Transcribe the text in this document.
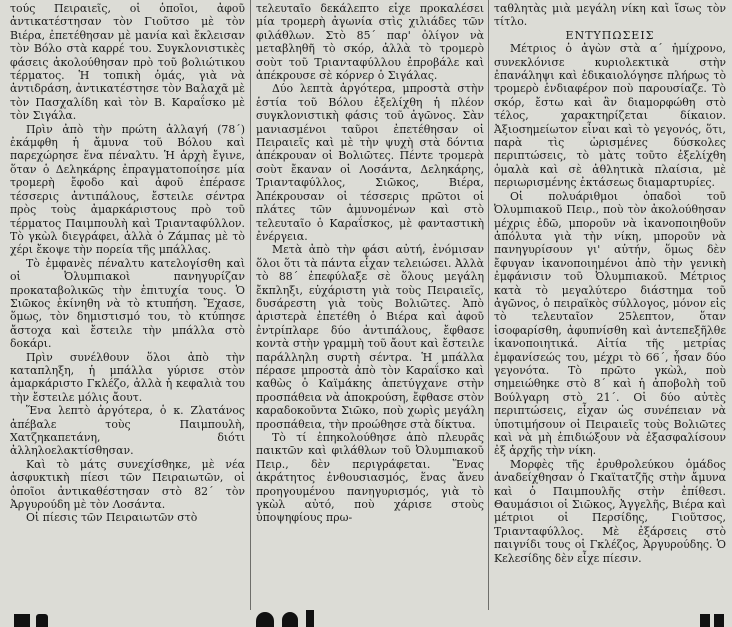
τούς Πειραιεῖς, οἱ ὁποῖοι, ἀφοῦ ἀντικατέστησαν τὸν Γιοῦτσο μὲ τὸν Βιέρα, ἐπετέθησαν μὲ μανία καὶ ἔκλεισαν τὸν Βόλο στὰ καρρέ του. Συγκλονιστικὲς φάσεις ἀκολούθησαν πρὸ τοῦ βολιώτικου τέρματος. Ἡ τοπικὴ ὁμάς, γιὰ νὰ ἀντιδράση, ἀντικατέστησε τὸν Βαλαχᾶ μὲ τὸν Πασχαλίδη καὶ τὸν Β. Καραΐσκο μὲ τὸν Σιγάλα.

Πρὶν ἀπὸ τὴν πρώτη ἀλλαγή (78΄) ἐκάμφθη ἡ ἄμυνα τοῦ Βόλου καὶ παρεχώρησε ἕνα πέναλτυ. Ἡ ἀρχὴ ἔγινε, ὅταν ὁ Δεληκάρης ἐπραγματοποίησε μία τρομερὴ ἔφοδο καὶ ἀφοῦ ἐπέρασε τέσσερις ἀντιπάλους, ἔστειλε σέντρα πρὸς τοὺς ἀμαρκάριστους πρὸ τοῦ τέρματος Παιμπουλὴ καὶ Τριανταφύλλον. Τὸ γκὼλ διεγράφει, ἀλλὰ ὁ Ζάμπας μὲ τὸ χέρι ἔκοψε τὴν πορεία τῆς μπάλλας.

Τὸ ἐμφανὲς πέναλτυ κατελογίσθη καὶ οἱ Ὀλυμπιακοὶ πανηγυρίζαν προκαταβολικῶς τὴν ἐπιτυχία τους. Ὁ Σιῶκος ἐκίνηθη νὰ τὸ κτυπήση. Ἔχασε, ὅμως, τὸν δημιστισμό του, τὸ κτύπησε ἄστοχα καὶ ἔστειλε τὴν μπάλλα στὸ δοκάρι.

Πρὶν συνέλθουν ὅλοι ἀπὸ τὴν καταπληξη, ἡ μπάλλα γύρισε στὸν ἀμαρκάριστο Γκλέζο, ἀλλὰ ἡ κεφαλιὰ του τὴν ἔστειλε μόλις ἄουτ.

Ἕνα λεπτὸ ἀργότερα, ὁ κ. Ζλατάνος ἀπέβαλε τοὺς Παιμπουλὴ, Χατζηκαπετάνη, διότι ἀλληλοελακτίσθησαν.

Καὶ τὸ μάτς συνεχίσθηκε, μὲ νέα ἀσφυκτικὴ πίεσι τῶν Πειραιωτῶν, οἱ ὁποῖοι ἀντικαθέστησαν στὸ 82΄ τὸν Ἀργυρούδη μὲ τὸν Λοσάντα.

Οἱ πίεσις τῶν Πειραιωτῶν στὸ

τελευταῖο δεκάλεπτο εἶχε προκαλέσει μία τρομερὴ ἀγωνία στὶς χιλιάδες τῶν φιλάθλων. Στὸ 85΄ παρ' ὀλίγον νὰ μεταβληθῆ τὸ σκόρ, ἀλλὰ τὸ τρομερὸ σοὺτ τοῦ Τριανταφύλλου ἐπροβάλε καὶ ἀπέκρουσε σὲ κόρνερ ὁ Σιγάλας.

Δύο λεπτὰ ἀργότερα, μπροστὰ στὴν ἑστία τοῦ Βόλου ἐξελίχθη ἡ πλέον συγκλονιστικὴ φάσις τοῦ ἀγῶνος. Σὰν μανιασμένοι ταῦροι ἐπετέθησαν οἱ Πειραιεῖς καὶ μὲ τὴν ψυχὴ στὰ δόντια ἀπέκρουαν οἱ Βολιῶτες. Πέντε τρομερὰ σοὺτ ἔκαναν οἱ Λοσάντα, Δεληκάρης, Τριανταφύλλος, Σιῶκος, Βιέρα, Ἀπέκρουσαν οἱ τέσσερις πρῶτοι οἱ πλάτες τῶν ἀμυνομένων καὶ στὸ τελευταῖο ὁ Καραΐσκος, μὲ φανταστικὴ ἐνέργεια.

Μετὰ ἀπὸ τὴν φάσι αὐτή, ἐνόμισαν ὅλοι ὅτι τὰ πάντα εἶχαν τελειώσει. Ἀλλὰ τὸ 88΄ ἐπεφύλαξε σὲ ὅλους μεγάλη ἔκπληξι, εὐχάριστη γιὰ τοὺς Πειραιεῖς, δυσάρεστη γιὰ τοὺς Βολιῶτες. Ἀπὸ ἀριστερὰ ἐπετέθη ὁ Βιέρα καὶ ἀφοῦ ἐντρίπλαρε δύο ἀντιπάλους, ἔφθασε κοντὰ στὴν γραμμὴ τοῦ ἄουτ καὶ ἔστειλε παράλληλη συρτὴ σέντρα. Ἡ μπάλλα πέρασε μπροστὰ ἀπὸ τὸν Καραΐσκο καὶ καθὼς ὁ Καϊμάκης ἀπετύγχανε στὴν προσπάθεια νὰ ἀποκρούση, ἔφθασε στὸν καραδοκοῦντα Σιῶκο, ποὺ χωρὶς μεγάλη προσπάθεια, τὴν προώθησε στὰ δίκτυα.

Τὸ τί ἐπηκολούθησε ἀπὸ πλευρᾶς παικτῶν καὶ φιλάθλων τοῦ Ὀλυμπιακοῦ Πειρ., δὲν περιγράφεται. Ἕνας ἀκράτητος ἐνθουσιασμός, ἕνας ἄνευ προηγουμένου πανηγυρισμός, γιὰ τὸ γκὼλ αὐτό, ποὺ χάρισε στοὺς ὑποψηφίους πρω-

ταθλητὰς μιὰ μεγάλη νίκη καὶ ἴσως τὸν τίτλο.

ΕΝΤΥΠΩΣΕΙΣ

Μέτριος ὁ ἀγὼν στὰ α΄ ἡμίχρονο, συνεκλόνισε κυριολεκτικὰ στὴν ἐπανάληψι καὶ ἐδικαιολόγησε πλήρως τὸ τρομερὸ ἐνδιαφέρον ποὺ παρουσίαζε. Τὸ σκόρ, ἔστω καὶ ἂν διαμορφώθη στὸ τέλος, χαρακτηρίζεται δίκαιον. Ἀξιοσημείωτον εἶναι καὶ τὸ γεγονός, ὅτι, παρὰ τὶς ὡρισμένες δύσκολες περιπτώσεις, τὸ μὰτς τοῦτο ἐξελίχθη ὁμαλὰ καὶ σὲ ἀθλητικὰ πλαίσια, μὲ περιωρισμένης ἐκτάσεως διαμαρτυρίες.

Οἱ πολυάριθμοι ὀπαδοὶ τοῦ Ὀλυμπιακοῦ Πειρ., ποὺ τὸν ἀκολούθησαν μέχρις ἐδῶ, μποροῦν νὰ ἱκανοποιηθοῦν ἀπόλυτα γιὰ τὴν νίκη, μποροῦν νὰ πανηγυρίσουν γι' αὐτήν, ὅμως δὲν ἔφυγαν ἱκανοποιημένοι ἀπὸ τὴν γενικὴ ἐμφάνισιν τοῦ Ὀλυμπιακοῦ. Μέτριος κατὰ τὸ μεγαλύτερο διάστημα τοῦ ἀγῶνος, ὁ πειραϊκὸς σύλλογος, μόνον εἰς τὸ τελευταῖον 25λεπτον, ὅταν ἰσοφαρίσθη, ἀφυπνίσθη καὶ ἀντεπεξῆλθε ἱκανοποιητικά. Αἰτία τῆς μετρίας ἐμφανίσεώς του, μέχρι τὸ 66΄, ἦσαν δύο γεγονότα. Τὸ πρῶτο γκὼλ, ποὺ σημειώθηκε στὸ 8΄ καὶ ἡ ἀποβολὴ τοῦ Βούλγαρη στὸ 21΄. Οἱ δύο αὐτὲς περιπτώσεις, εἶχαν ὡς συνέπειαν νὰ ὑποτιμήσουν οἱ Πειραιεῖς τοὺς Βολιῶτες καὶ νὰ μὴ ἐπιδιώξουν νὰ ἐξασφαλίσουν ἐξ ἀρχῆς τὴν νίκη.

Μορφὲς τῆς ἐρυθρολεύκου ὁμάδος ἀναδείχθησαν ὁ Γκαϊτατζῆς στὴν ἄμυνα καὶ ὁ Παιμπουλῆς στὴν ἐπίθεσι. Θαυμάσιοι οἱ Σιῶκος, Ἀγγελῆς, Βιέρα καὶ μέτριοι οἱ Περσίδης, Γιοῦτσος, Τριανταφύλλος. Μὲ ἐξάρσεις στὸ παιγνίδι τους οἱ Γκλέζος, Ἀργυρούδης. Ὁ Κελεσίδης δὲν εἶχε πίεσιν.
